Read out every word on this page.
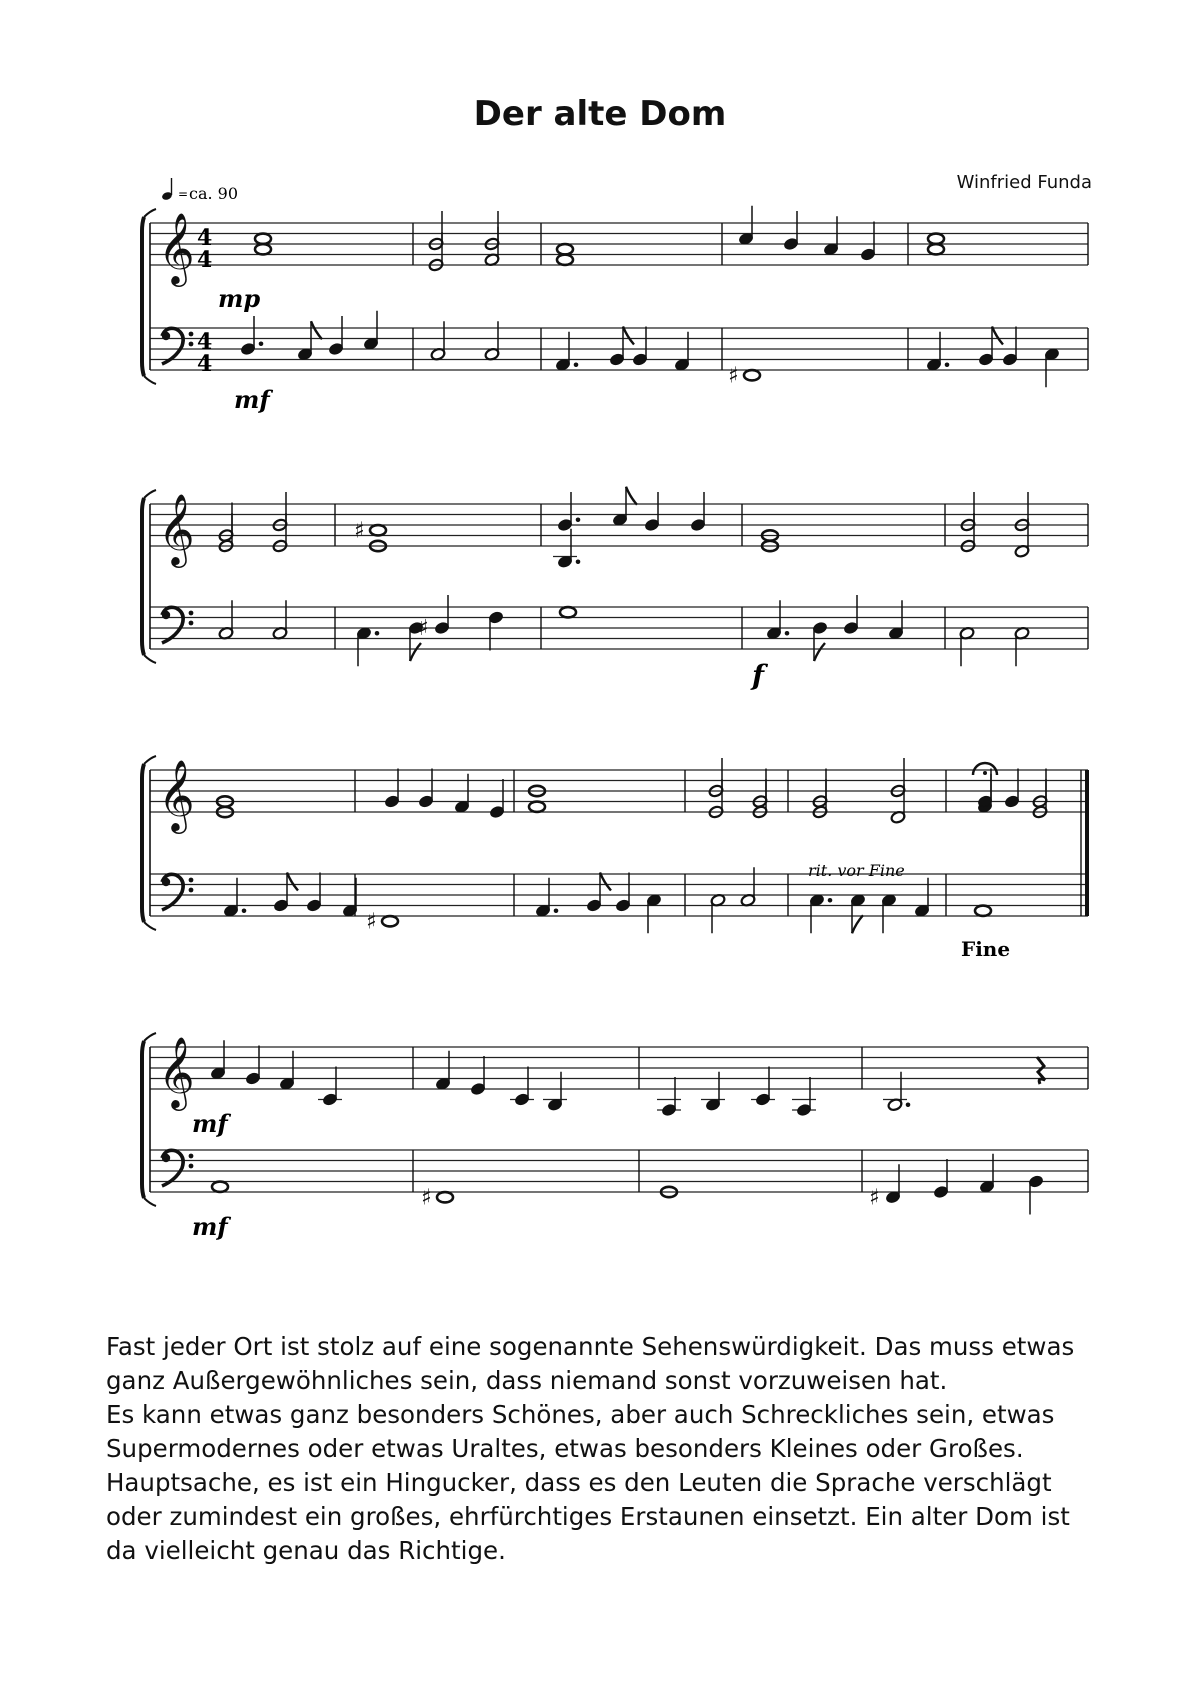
Der alte Dom
Winfried Funda
𝄞
♯
𝄞	♯
♯
𝄞
♯
𝄞
♯	♯
= ca. 90
4
4
4
4
mp
mf
f
mf
mf
rit. vor Fine
Fine

Fast jeder Ort ist stolz auf eine sogenannte Sehenswürdigkeit. Das muss etwas ganz Außergewöhnliches sein, dass niemand sonst vorzuweisen hat.

Es kann etwas ganz besonders Schönes, aber auch Schreckliches sein, etwas Supermodernes oder etwas Uraltes, etwas besonders Kleines oder Großes. Hauptsache, es ist ein Hingucker, dass es den Leuten die Sprache verschlägt oder zumindest ein großes, ehrfürchtiges Erstaunen einsetzt. Ein alter Dom ist da vielleicht genau das Richtige.
